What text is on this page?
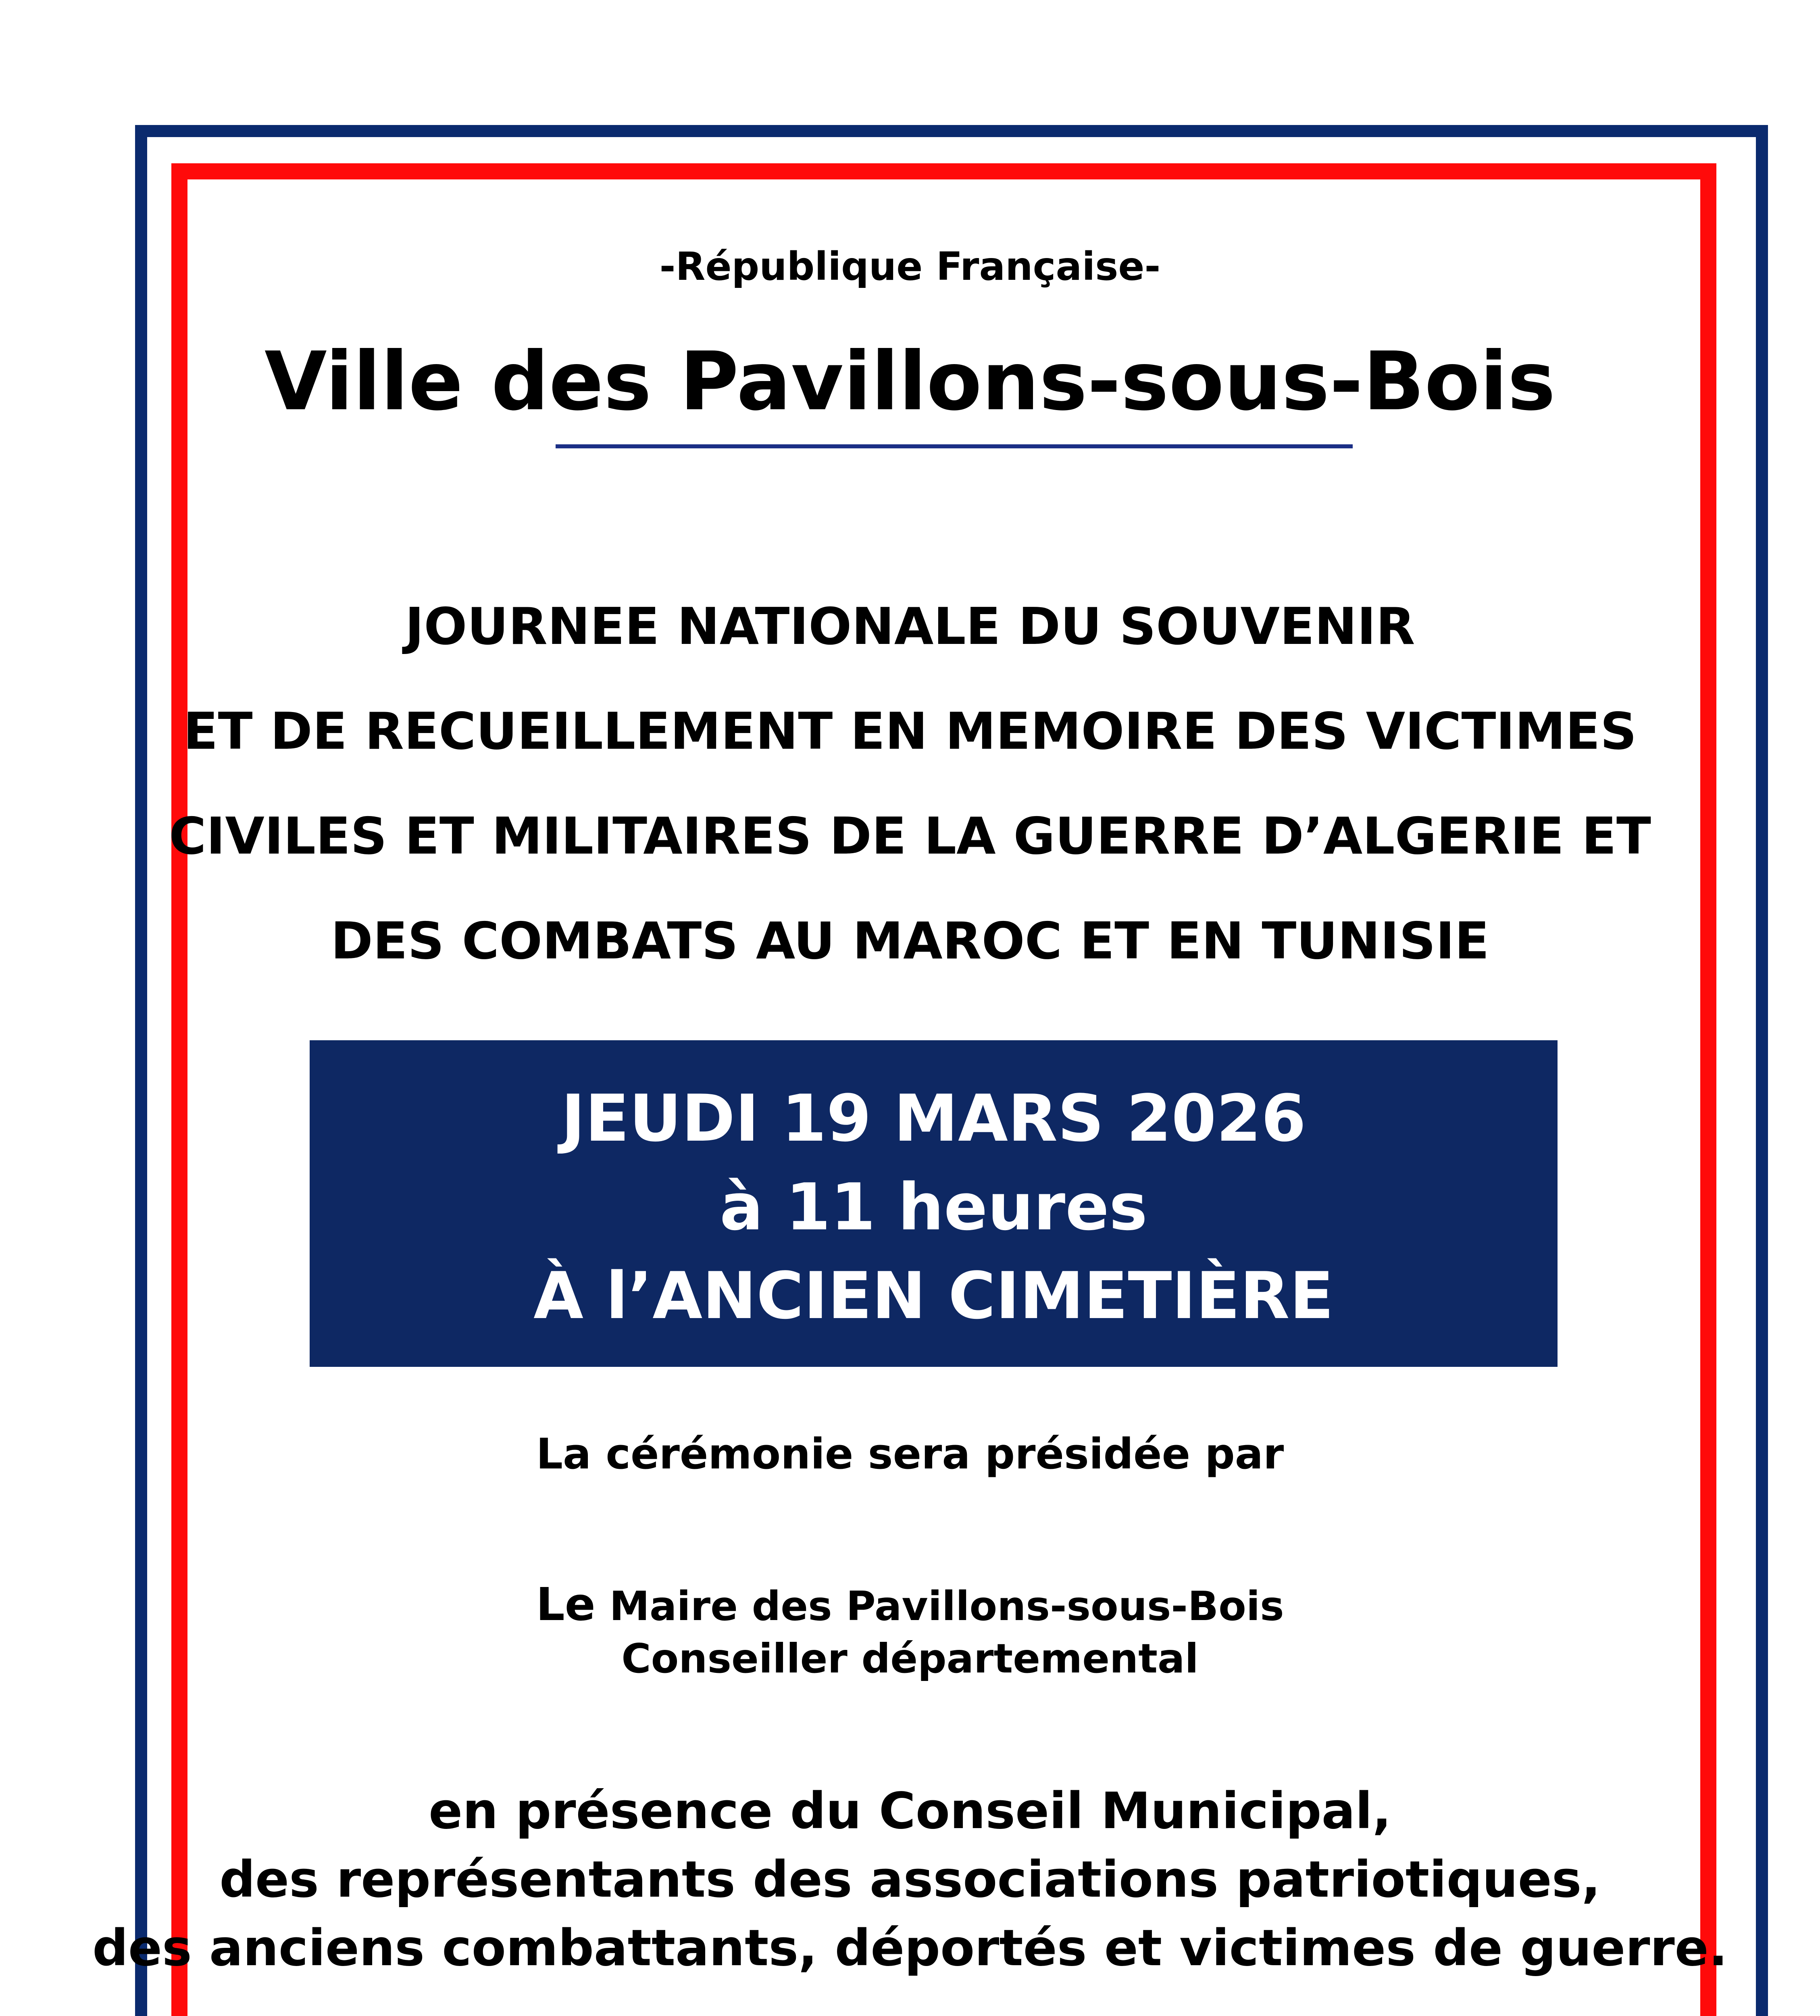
-République Française-
Ville des Pavillons-sous-Bois
JOURNEE NATIONALE DU SOUVENIR
ET DE RECUEILLEMENT EN MEMOIRE DES VICTIMES
CIVILES ET MILITAIRES DE LA GUERRE D’ALGERIE ET
DES COMBATS AU MAROC ET EN TUNISIE
JEUDI 19 MARS 2026
à 11 heures
À l’ANCIEN CIMETIÈRE
La cérémonie sera présidée par
Le Maire des Pavillons-sous-Bois
Conseiller départemental
en présence du Conseil Municipal,
des représentants des associations patriotiques,
des anciens combattants, déportés et victimes de guerre.
